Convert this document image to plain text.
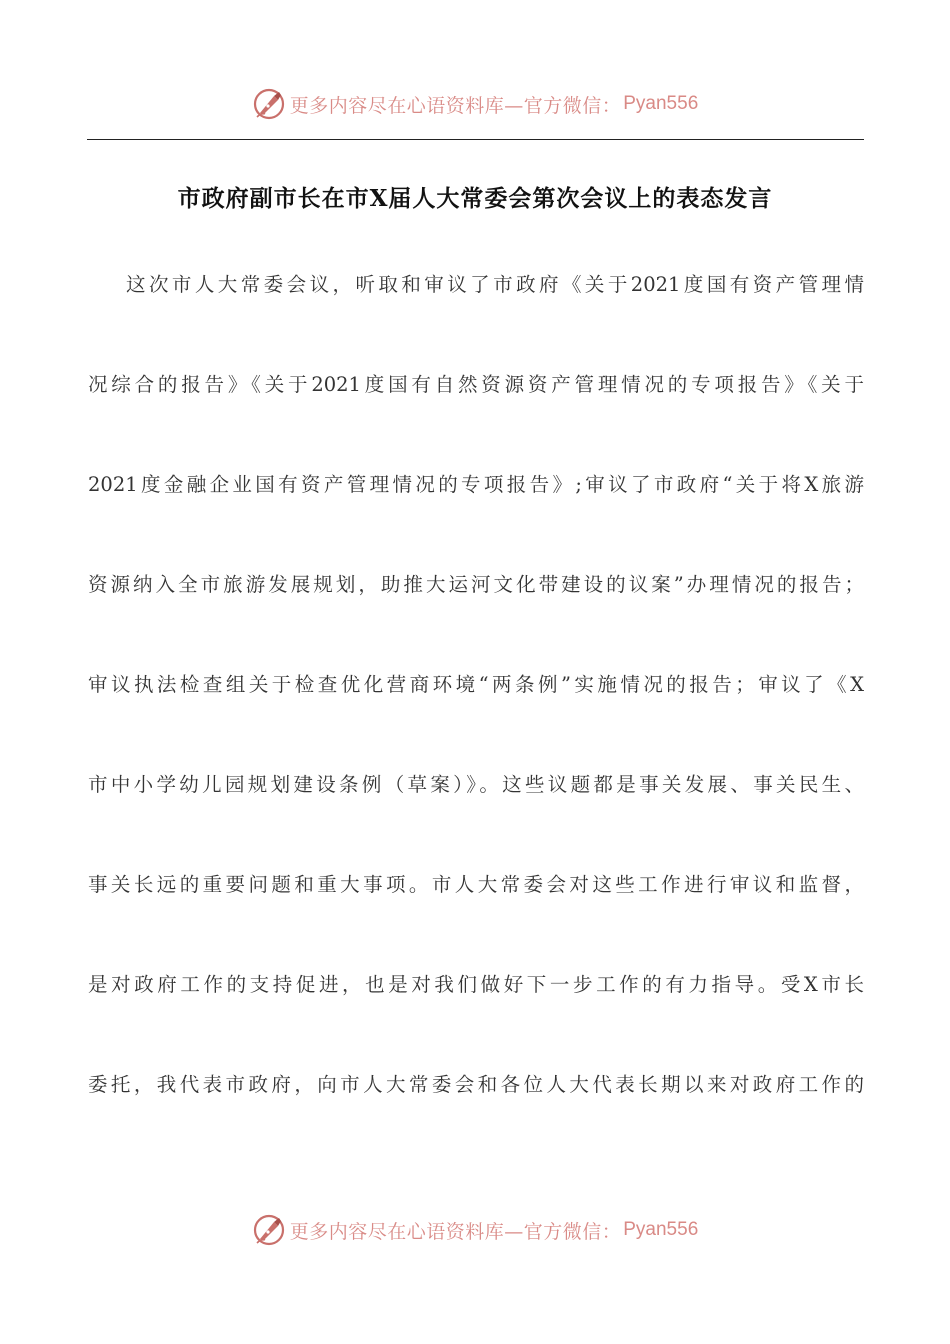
更多内容尽在心语资料库—官方微信： Pyan556
市政府副市长在市X届人大常委会第次会议上的表态发言
这次市人大常委会议，听取和审议了市政府《关于2021度国有资产管理情
况综合的报告》《关于2021度国有自然资源资产管理情况的专项报告》《关于
2021度金融企业国有资产管理情况的专项报告》;审议了市政府“关于将X旅游
资源纳入全市旅游发展规划，助推大运河文化带建设的议案”办理情况的报告；
审议执法检查组关于检查优化营商环境“两条例”实施情况的报告；审议了《X
市中小学幼儿园规划建设条例（草案）》。这些议题都是事关发展、事关民生、
事关长远的重要问题和重大事项。市人大常委会对这些工作进行审议和监督，
是对政府工作的支持促进，也是对我们做好下一步工作的有力指导。受X市长
委托，我代表市政府，向市人大常委会和各位人大代表长期以来对政府工作的
更多内容尽在心语资料库—官方微信： Pyan556
